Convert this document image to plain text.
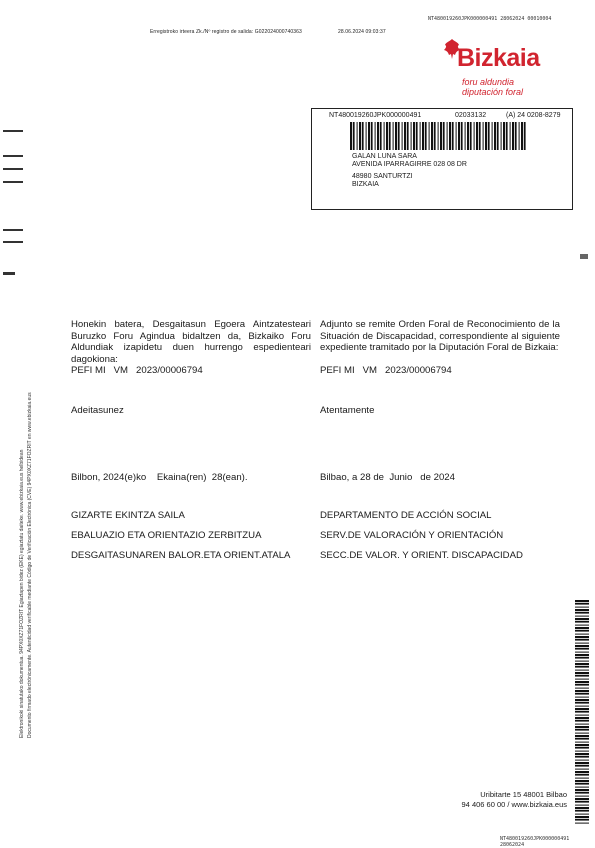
NT480019260JPK000000491 28062024 00010004
Erregistroko irteera Zk./Nº registro de salida: G022024000740363	28.06.2024 09:03:37
Bizkaia
foru aldundia
diputación foral
NT480019260JPK000000491	02033132	(A) 24 0208-8279
GALAN LUNA SARA
AVENIDA IPARRAGIRRE 028 08 DR
48980 SANTURTZI
BIZKAIA
Honekin batera, Desgaitasun Egoera Aintzatesteari Buruzko Foru Agindua bidaltzen da, Bizkaiko Foru Aldundiak izapidetu duen hurrengo espedienteari dagokiona:
PEFI MI   VM   2023/00006794
Adeitasunez
Bilbon, 2024(e)ko    Ekaina(ren)  28(ean).
GIZARTE EKINTZA SAILA
EBALUAZIO ETA ORIENTAZIO ZERBITZUA
DESGAITASUNAREN BALOR.ETA ORIENT.ATALA
Adjunto se remite Orden Foral de Reconocimiento de la Situación de Discapacidad, correspondiente al siguiente expediente tramitado por la Diputación Foral de Bizkaia:
PEFI MI   VM   2023/00006794
Atentamente
Bilbao, a 28 de  Junio   de 2024
DEPARTAMENTO DE ACCIÓN SOCIAL
SERV.DE VALORACIÓN Y ORIENTACIÓN
SECC.DE VALOR. Y ORIENT. DISCAPACIDAD
Elektronikoki sinatutako dokumentua. 94PX0XZ71FOZRIT Egiaztapen bidez (EKE) egiaztatu daiteke. www.ebizkaia.eus helbidean Documento firmado electrónicamente. Autenticidad verificable mediante Código de Verificación Electrónica (CVE) 94PX0XZ71FOZRIT en www.ebizkaia.eus
Uribitarte 15 48001 Bilbao
94 406 60 00 / www.bizkaia.eus
NT480019260JPK000000491 28062024
